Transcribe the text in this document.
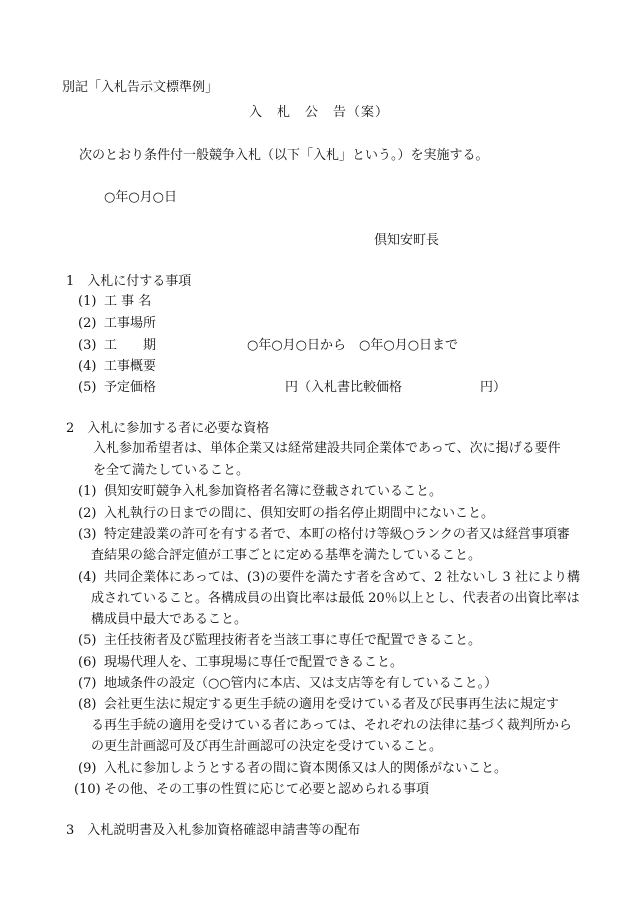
別記「入札告示文標準例」
入　札　公　告（案）
次のとおり条件付一般競争入札（以下「入札」という。）を実施する。
○年○月○日
倶知安町長
1　入札に付する事項
(1) 工 事 名
(2) 工事場所
(3) 工　　期	○年○月○日から　○年○月○日まで
(4) 工事概要
(5) 予定価格	円（入札書比較価格　　　　　　円）
2　入札に参加する者に必要な資格
入札参加希望者は、単体企業又は経常建設共同企業体であって、次に掲げる要件を全て満たしていること。
(1) 倶知安町競争入札参加資格者名簿に登載されていること。
(2) 入札執行の日までの間に、倶知安町の指名停止期間中にないこと。
(3) 特定建設業の許可を有する者で、本町の格付け等級○ランクの者又は経営事項審
査結果の総合評定値が工事ごとに定める基準を満たしていること。
(4) 共同企業体にあっては、(3)の要件を満たす者を含めて、2 社ないし 3 社により構
成されていること。各構成員の出資比率は最低 20％以上とし、代表者の出資比率は
構成員中最大であること。
(5) 主任技術者及び監理技術者を当該工事に専任で配置できること。
(6) 現場代理人を、工事現場に専任で配置できること。
(7) 地域条件の設定（○○管内に本店、又は支店等を有していること。）
(8) 会社更生法に規定する更生手続の適用を受けている者及び民事再生法に規定す
る再生手続の適用を受けている者にあっては、それぞれの法律に基づく裁判所から
の更生計画認可及び再生計画認可の決定を受けていること。
(9) 入札に参加しようとする者の間に資本関係又は人的関係がないこと。
(10) その他、その工事の性質に応じて必要と認められる事項
3　入札説明書及入札参加資格確認申請書等の配布
